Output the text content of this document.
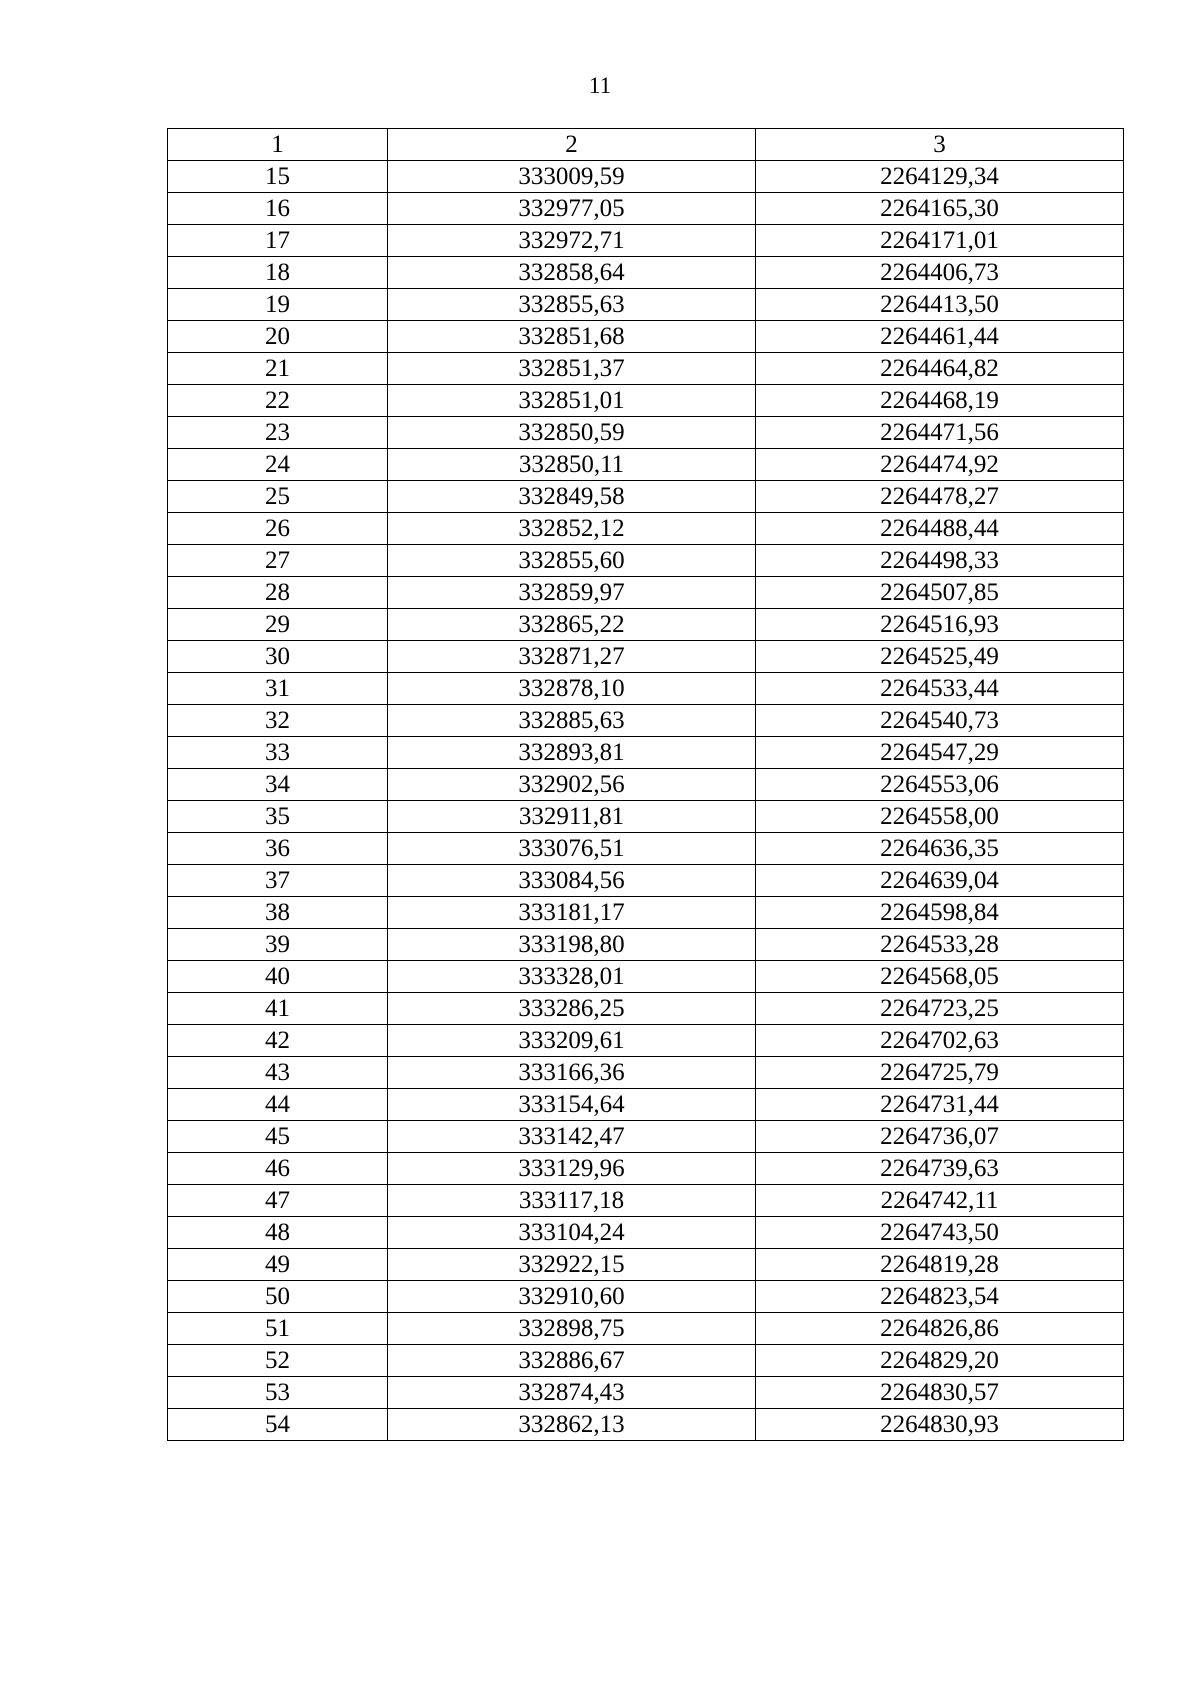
11
1	2	3
15	333009,59	2264129,34
16	332977,05	2264165,30
17	332972,71	2264171,01
18	332858,64	2264406,73
19	332855,63	2264413,50
20	332851,68	2264461,44
21	332851,37	2264464,82
22	332851,01	2264468,19
23	332850,59	2264471,56
24	332850,11	2264474,92
25	332849,58	2264478,27
26	332852,12	2264488,44
27	332855,60	2264498,33
28	332859,97	2264507,85
29	332865,22	2264516,93
30	332871,27	2264525,49
31	332878,10	2264533,44
32	332885,63	2264540,73
33	332893,81	2264547,29
34	332902,56	2264553,06
35	332911,81	2264558,00
36	333076,51	2264636,35
37	333084,56	2264639,04
38	333181,17	2264598,84
39	333198,80	2264533,28
40	333328,01	2264568,05
41	333286,25	2264723,25
42	333209,61	2264702,63
43	333166,36	2264725,79
44	333154,64	2264731,44
45	333142,47	2264736,07
46	333129,96	2264739,63
47	333117,18	2264742,11
48	333104,24	2264743,50
49	332922,15	2264819,28
50	332910,60	2264823,54
51	332898,75	2264826,86
52	332886,67	2264829,20
53	332874,43	2264830,57
54	332862,13	2264830,93
